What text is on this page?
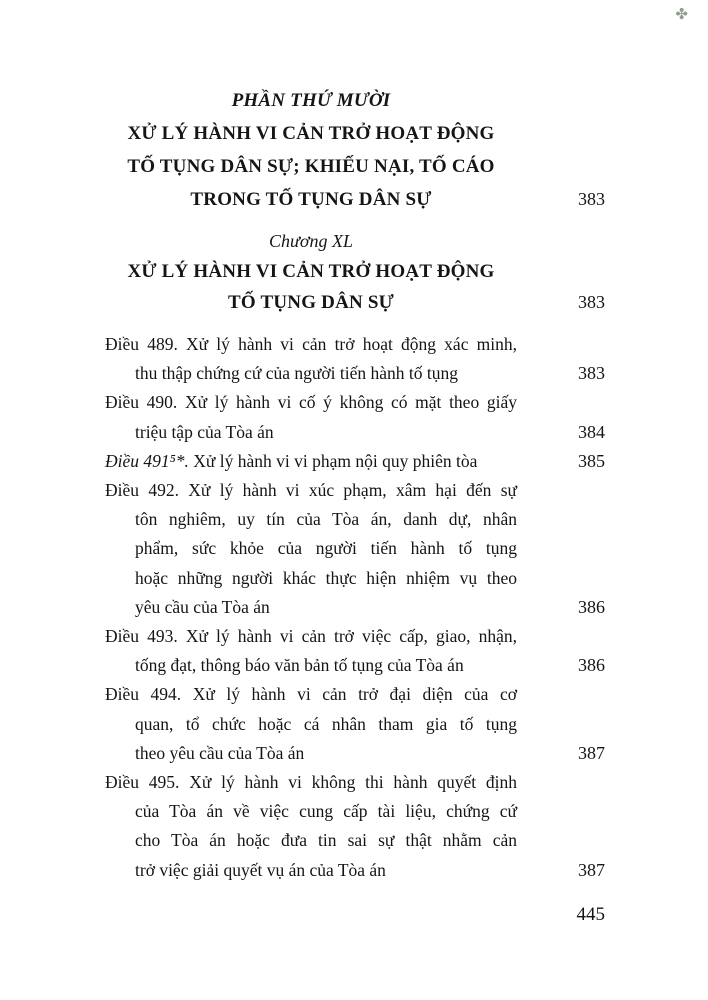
✤
PHẦN THỨ MƯỜI
XỬ LÝ HÀNH VI CẢN TRỞ HOẠT ĐỘNG
TỐ TỤNG DÂN SỰ; KHIẾU NẠI, TỐ CÁO
TRONG TỐ TỤNG DÂN SỰ	383
Chương XL
XỬ LÝ HÀNH VI CẢN TRỞ HOẠT ĐỘNG
TỐ TỤNG DÂN SỰ	383
Điều 489. Xử lý hành vi cản trở hoạt động xác minh,
thu thập chứng cứ của người tiến hành tố tụng	383
Điều 490. Xử lý hành vi cố ý không có mặt theo giấy
triệu tập của Tòa án	384
Điều 491⁵*. Xử lý hành vi vi phạm nội quy phiên tòa	385
Điều 492. Xử lý hành vi xúc phạm, xâm hại đến sự
tôn nghiêm, uy tín của Tòa án, danh dự, nhân
phẩm, sức khỏe của người tiến hành tố tụng
hoặc những người khác thực hiện nhiệm vụ theo
yêu cầu của Tòa án	386
Điều 493. Xử lý hành vi cản trở việc cấp, giao, nhận,
tống đạt, thông báo văn bản tố tụng của Tòa án	386
Điều 494. Xử lý hành vi cản trở đại diện của cơ
quan, tổ chức hoặc cá nhân tham gia tố tụng
theo yêu cầu của Tòa án	387
Điều 495. Xử lý hành vi không thi hành quyết định
của Tòa án về việc cung cấp tài liệu, chứng cứ
cho Tòa án hoặc đưa tin sai sự thật nhằm cản
trở việc giải quyết vụ án của Tòa án	387
445
